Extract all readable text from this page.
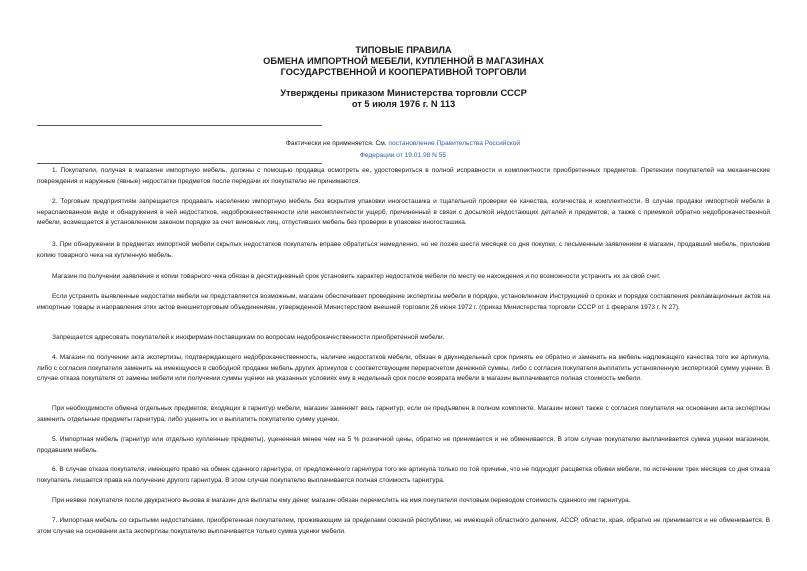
ТИПОВЫЕ ПРАВИЛА
ОБМЕНА ИМПОРТНОЙ МЕБЕЛИ, КУПЛЕННОЙ В МАГАЗИНАХ
ГОСУДАРСТВЕННОЙ И КООПЕРАТИВНОЙ ТОРГОВЛИ
Утверждены приказом Министерства торговли СССР
от 5 июля 1976 г. N 113
Фактически не применяется. См. постановление Правительства Российской
Федерации от 19.01.98 N 55
1. Покупатели, получая в магазине импортную мебель, должны с помощью продавца осмотреть ее, удостовериться в полной исправности и комплектности приобретенных предметов. Претензии покупателей на механические повреждения и наружные (явные) недостатки предметов после передачи их покупателю не принимаются.
2. Торговым предприятиям запрещается продавать населению импортную мебель без вскрытия упаковки иногосташика и тщательной проверки ее качества, количества и комплектности. В случае продажи импортной мебели в нераспакованном виде и обнаружения в ней недостатков, недоброкачественности или некомплектности ущерб, причиненный в связи с досылкой недостающих деталей и предметов, а также с приемкой обратно недоброкачественной мебели, возмещается в установленном законом порядке за счет виновных лиц, отпустивших мебель без проверки в упаковке иногосташика.
3. При обнаружении в предметах импортной мебели скрытых недостатков покупатель вправе обратиться немедленно, но не позже шести месяцев со дня покупки, с письменным заявлением в магазин, продавший мебель, приложив копию товарного чека на купленную мебель.
Магазин по получении заявления и копии товарного чека обязан в десятидневный срок установить характер недостатков мебели по месту ее нахождения и по возможности устранить их за свой счет.
Если устранить выявленные недостатки мебели не представляется возможным, магазин обеспечивает проведение экспертизы мебели в порядке, установленном Инструкцией о сроках и порядке составления рекламационных актов на импортные товары и направления этих актов внешнеторговым объединениям, утвержденной Министерством внешней торговли 26 июня 1972 г. (приказ Министерства торговли СССР от 1 февраля 1973 г. N 27).
Запрещается адресовать покупателей к инофирмам-поставщикам по вопросам недоброкачественности приобретенной мебели.
4. Магазин по получении акта экспертизы, подтверждающего недоброкачественность, наличие недостатков мебели, обязан в двухнедельный срок принять ее обратно и заменить на мебель надлежащего качества того же артикула, либо с согласия покупателя заменить на имеющуюся в свободной продаже мебель других артикулов с соответствующим перерасчетом денежной суммы, либо с согласия покупателя выплатить установленную экспертизой сумму уценки. В случае отказа покупателя от замены мебели или получении суммы уценки на указанных условиях ему в недельный срок после возврата мебели в магазин выплачивается полная стоимость мебели.
При необходимости обмена отдельных предметов, входящих в гарнитур мебели, магазин заменяет весь гарнитур, если он предъявлен в полном комплекте. Магазин может также с согласия покупателя на основании акта экспертизы заменить отдельные предметы гарнитура, либо уценить их и выплатить покупателю сумму уценки.
5. Импортная мебель (гарнитур или отдельно купленные предметы), уцененная менее чем на 5 % розничной цены, обратно не принимается и не обменивается. В этом случае покупателю выплачивается сумма уценки магазином, продавшим мебель.
6. В случае отказа покупателя, имеющего право на обмен сданного гарнитура, от предложенного гарнитура того же артикула только по той причине, что не подходит расцветка обивки мебели, по истечении трех месяцев со дня отказа покупатель лишается права на получение другого гарнитура. В этом случае покупателю выплачивается полная стоимость гарнитура.
При неявке покупателя после двукратного вызова в магазин для выплаты ему денег магазин обязан перечислить на имя покупателя почтовым переводом стоимость сданного им гарнитура.
7. Импортная мебель со скрытыми недостатками, приобретенная покупателем, проживающим за пределами союзной республики, не имеющей областного деления, АССР, области, края, обратно не принимается и не обменивается. В этом случае на основании акта экспертизы покупателю выплачивается только сумма уценки мебели.
